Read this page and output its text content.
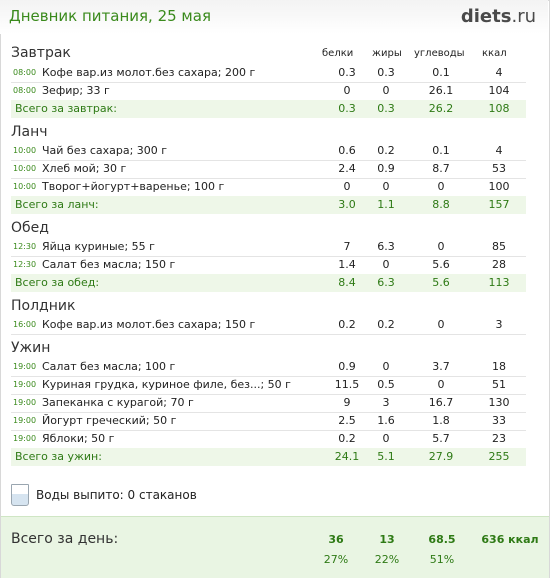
Дневник питания, 25 мая	diets.ru
белки жиры углеводы ккал
Завтрак
08:00 Кофе вар.из молот.без сахара; 200 г	0.3	0.3	0.1	4
08:00 Зефир; 33 г	0	0	26.1	104
Всего за завтрак:	0.3	0.3	26.2	108
Ланч
10:00 Чай без сахара; 300 г	0.6	0.2	0.1	4
10:00 Хлеб мой; 30 г	2.4	0.9	8.7	53
10:00 Творог+йогурт+варенье; 100 г	0	0	0	100
Всего за ланч:	3.0	1.1	8.8	157
Обед
12:30 Яйца куриные; 55 г	7	6.3	0	85
12:30 Салат без масла; 150 г	1.4	0	5.6	28
Всего за обед:	8.4	6.3	5.6	113
Полдник
16:00 Кофе вар.из молот.без сахара; 150 г	0.2	0.2	0	3
Ужин
19:00 Салат без масла; 100 г	0.9	0	3.7	18
19:00 Куриная грудка, куриное филе, без...; 50 г	11.5	0.5	0	51
19:00 Запеканка с курагой; 70 г	9	3	16.7	130
19:00 Йогурт греческий; 50 г	2.5	1.6	1.8	33
19:00 Яблоки; 50 г	0.2	0	5.7	23
Всего за ужин:	24.1	5.1	27.9	255
Воды выпито: 0 стаканов
Всего за день:	36	13	68.5	636 ккал
27%	22%	51%
